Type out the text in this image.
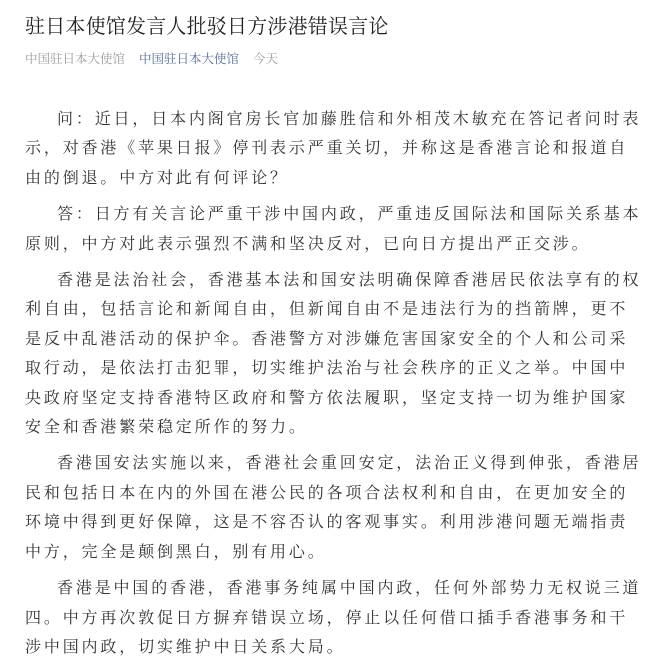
驻日本使馆发言人批驳日方涉港错误言论
中国驻日本大使馆 中国驻日本大使馆 今天

问：近日，日本内阁官房长官加藤胜信和外相茂木敏充在答记者问时表示，对香港《苹果日报》停刊表示严重关切，并称这是香港言论和报道自由的倒退。中方对此有何评论？

答：日方有关言论严重干涉中国内政，严重违反国际法和国际关系基本原则，中方对此表示强烈不满和坚决反对，已向日方提出严正交涉。

香港是法治社会，香港基本法和国安法明确保障香港居民依法享有的权利自由，包括言论和新闻自由，但新闻自由不是违法行为的挡箭牌，更不是反中乱港活动的保护伞。香港警方对涉嫌危害国家安全的个人和公司采取行动，是依法打击犯罪，切实维护法治与社会秩序的正义之举。中国中央政府坚定支持香港特区政府和警方依法履职，坚定支持一切为维护国家安全和香港繁荣稳定所作的努力。

香港国安法实施以来，香港社会重回安定，法治正义得到伸张，香港居民和包括日本在内的外国在港公民的各项合法权利和自由，在更加安全的环境中得到更好保障，这是不容否认的客观事实。利用涉港问题无端指责中方，完全是颠倒黑白，别有用心。

香港是中国的香港，香港事务纯属中国内政，任何外部势力无权说三道四。中方再次敦促日方摒弃错误立场，停止以任何借口插手香港事务和干涉中国内政，切实维护中日关系大局。
